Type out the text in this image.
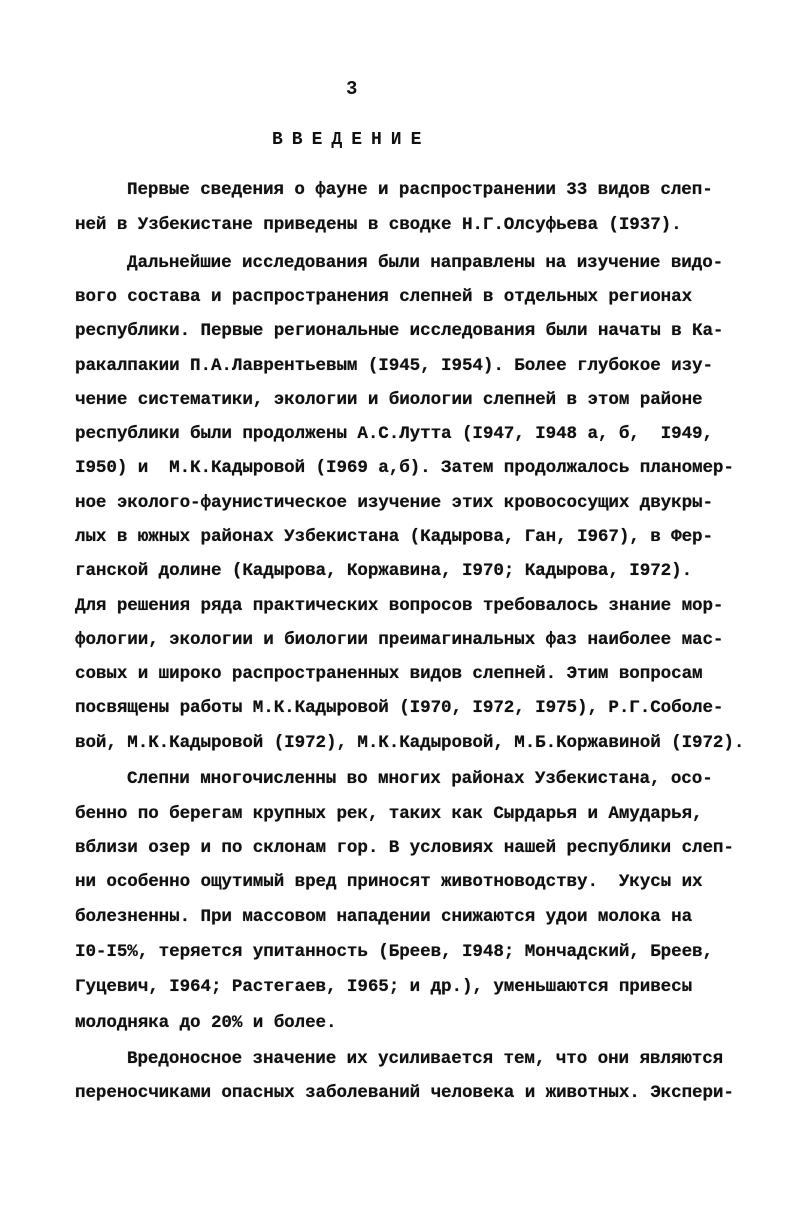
3
ВВЕДЕНИЕ
Первые сведения о фауне и распространении 33 видов слеп-
ней в Узбекистане приведены в сводке Н.Г.Олсуфьева (I937).
Дальнейшие исследования были направлены на изучение видо-
вого состава и распространения слепней в отдельных регионах
республики. Первые региональные исследования были начаты в Ка-
ракалпакии П.А.Лаврентьевым (I945, I954). Более глубокое изу-
чение систематики, экологии и биологии слепней в этом районе
республики были продолжены А.С.Лутта (I947, I948 а, б,  I949,
I950) и  М.К.Кадыровой (I969 а,б). Затем продолжалось планомер-
ное эколого-фаунистическое изучение этих кровососущих двукры-
лых в южных районах Узбекистана (Кадырова, Ган, I967), в Фер-
ганской долине (Кадырова, Коржавина, I970; Кадырова, I972).
Для решения ряда практических вопросов требовалось знание мор-
фологии, экологии и биологии преимагинальных фаз наиболее мас-
совых и широко распространенных видов слепней. Этим вопросам
посвящены работы М.К.Кадыровой (I970, I972, I975), Р.Г.Соболе-
вой, М.К.Кадыровой (I972), М.К.Кадыровой, М.Б.Коржавиной (I972).
Слепни многочисленны во многих районах Узбекистана, осо-
бенно по берегам крупных рек, таких как Сырдарья и Амударья,
вблизи озер и по склонам гор. В условиях нашей республики слеп-
ни особенно ощутимый вред приносят животноводству.  Укусы их
болезненны. При массовом нападении снижаются удои молока на
I0-I5%, теряется упитанность (Бреев, I948; Мончадский, Бреев,
Гуцевич, I964; Растегаев, I965; и др.), уменьшаются привесы
молодняка до 20% и более.
Вредоносное значение их усиливается тем, что они являются
переносчиками опасных заболеваний человека и животных. Экспери-
